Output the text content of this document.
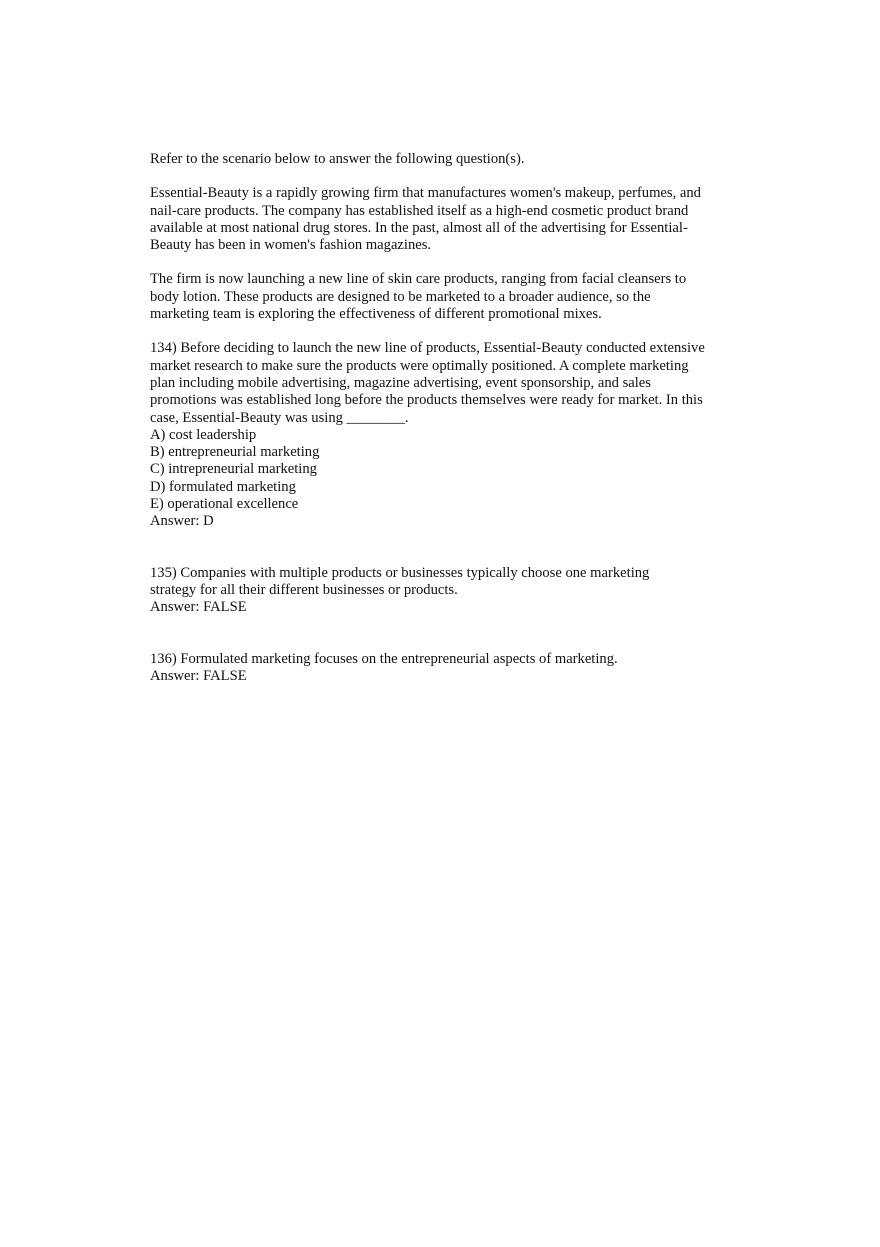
Refer to the scenario below to answer the following question(s).

Essential-Beauty is a rapidly growing firm that manufactures women's makeup, perfumes, and
nail-care products. The company has established itself as a high-end cosmetic product brand
available at most national drug stores. In the past, almost all of the advertising for Essential-
Beauty has been in women's fashion magazines.
The firm is now launching a new line of skin care products, ranging from facial cleansers to
body lotion. These products are designed to be marketed to a broader audience, so the
marketing team is exploring the effectiveness of different promotional mixes.
134) Before deciding to launch the new line of products, Essential-Beauty conducted extensive
market research to make sure the products were optimally positioned. A complete marketing
plan including mobile advertising, magazine advertising, event sponsorship, and sales
promotions was established long before the products themselves were ready for market. In this
case, Essential-Beauty was using ________.
A) cost leadership
B) entrepreneurial marketing
C) intrepreneurial marketing
D) formulated marketing
E) operational excellence
Answer: D
135) Companies with multiple products or businesses typically choose one marketing
strategy for all their different businesses or products.
Answer: FALSE
136) Formulated marketing focuses on the entrepreneurial aspects of marketing.
Answer: FALSE
